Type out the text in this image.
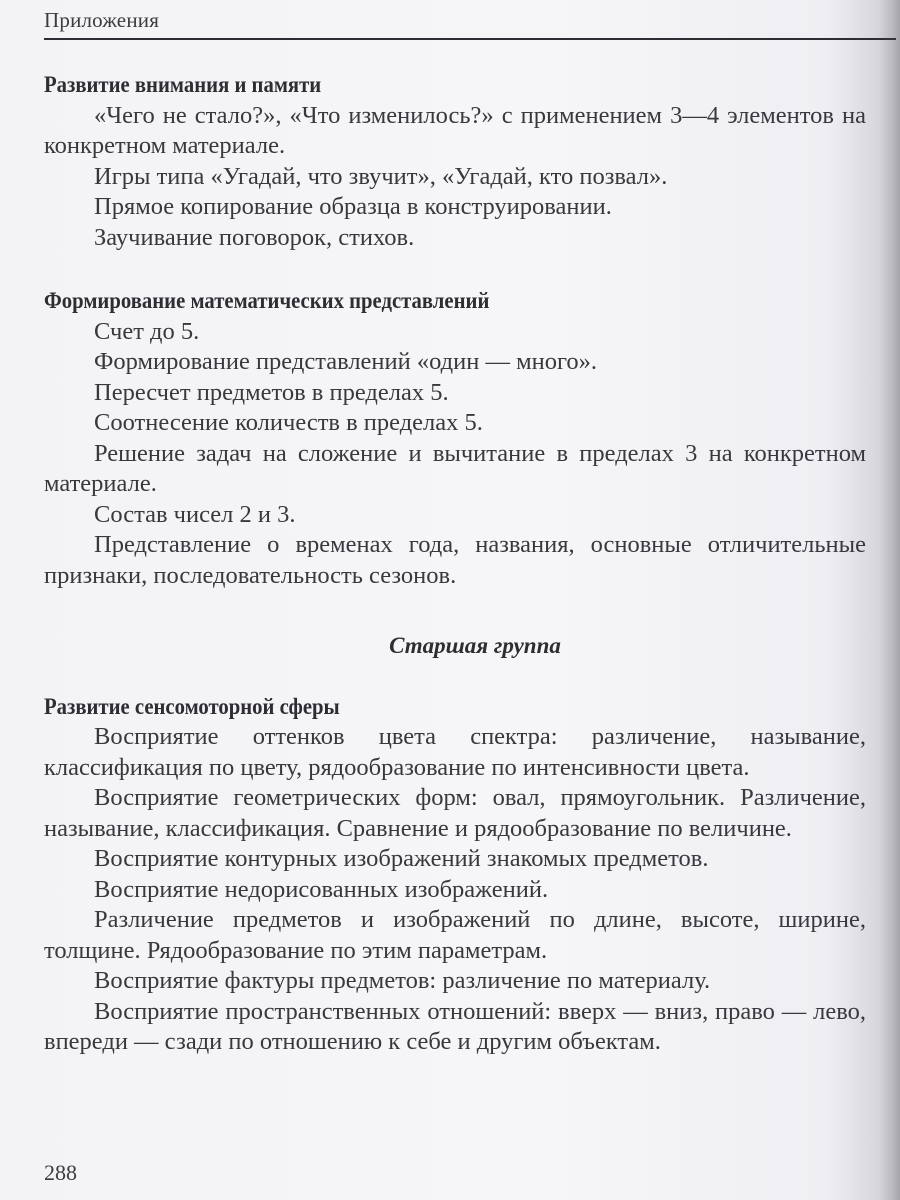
Приложения
Развитие внимания и памяти

«Чего не стало?», «Что изменилось?» с применением 3—4 элементов на конкретном материале.

Игры типа «Угадай, что звучит», «Угадай, кто позвал».

Прямое копирование образца в конструировании.

Заучивание поговорок, стихов.

Формирование математических представлений

Счет до 5.

Формирование представлений «один — много».

Пересчет предметов в пределах 5.

Соотнесение количеств в пределах 5.

Решение задач на сложение и вычитание в пределах 3 на конкретном материале.

Состав чисел 2 и 3.

Представление о временах года, названия, основные отличительные признаки, последовательность сезонов.

Старшая группа
Развитие сенсомоторной сферы

Восприятие оттенков цвета спектра: различение, называние, классификация по цвету, рядообразование по интенсивности цвета.

Восприятие геометрических форм: овал, прямоугольник. Различение, называние, классификация. Сравнение и рядообразование по величине.

Восприятие контурных изображений знакомых предметов.

Восприятие недорисованных изображений.

Различение предметов и изображений по длине, высоте, ширине, толщине. Рядообразование по этим параметрам.

Восприятие фактуры предметов: различение по материалу.

Восприятие пространственных отношений: вверх — вниз, право — лево, впереди — сзади по отношению к себе и другим объектам.

288
